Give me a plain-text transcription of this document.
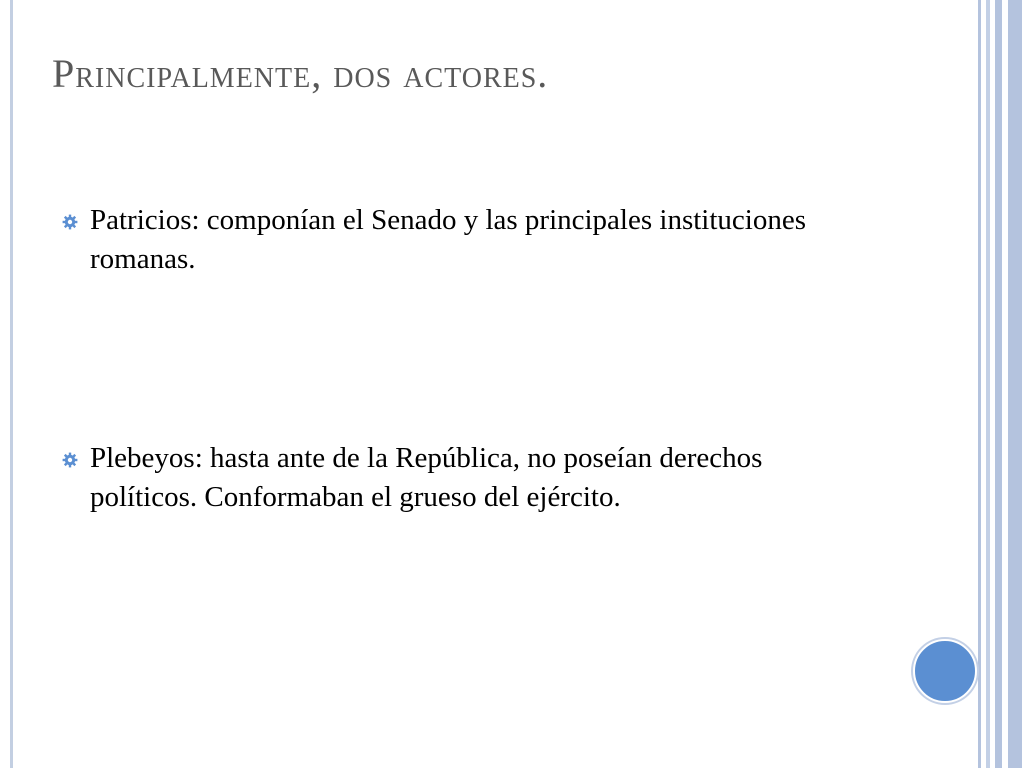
Principalmente, dos actores.
Patricios: componían el Senado y las principales instituciones romanas.
Plebeyos: hasta ante de la República, no poseían derechos políticos. Conformaban el grueso del ejército.
